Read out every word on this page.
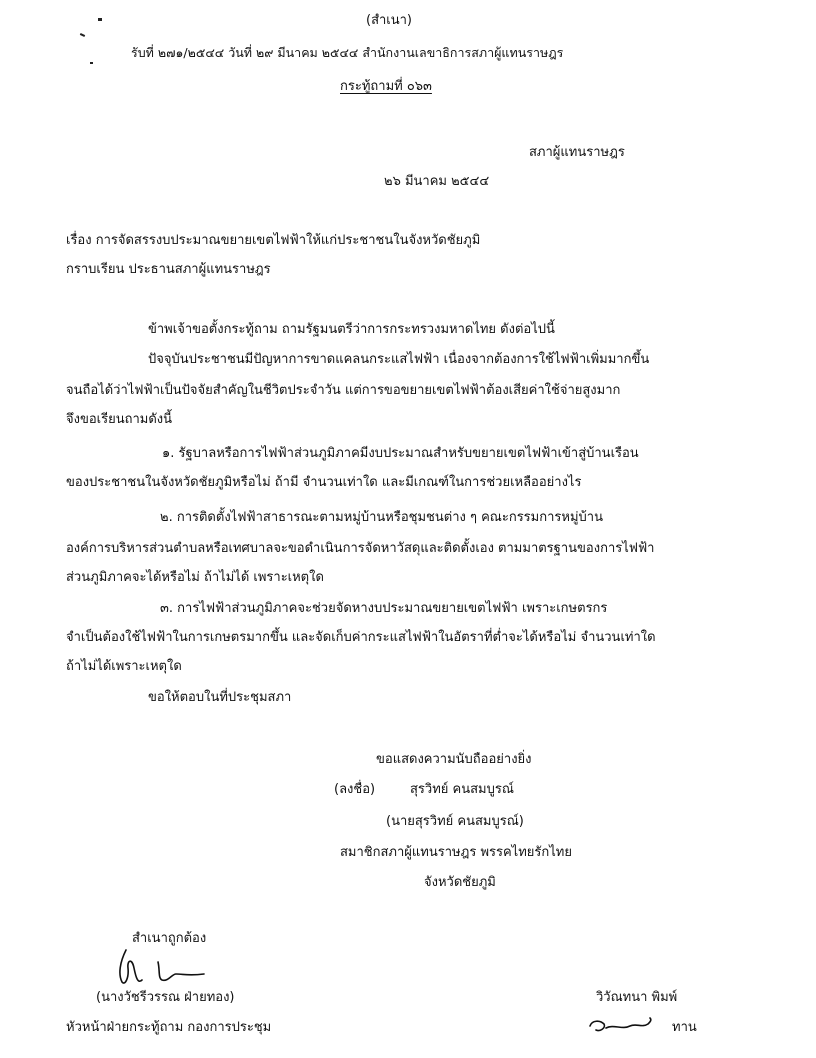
(สำเนา)
รับที่ ๒๗๑/๒๕๔๔ วันที่ ๒๙ มีนาคม ๒๕๔๔ สำนักงานเลขาธิการสภาผู้แทนราษฎร
กระทู้ถามที่ ๐๖๓
สภาผู้แทนราษฎร
๒๖ มีนาคม ๒๕๔๔
เรื่อง การจัดสรรงบประมาณขยายเขตไฟฟ้าให้แก่ประชาชนในจังหวัดชัยภูมิ
กราบเรียน ประธานสภาผู้แทนราษฎร
ข้าพเจ้าขอตั้งกระทู้ถาม ถามรัฐมนตรีว่าการกระทรวงมหาดไทย ดังต่อไปนี้
ปัจจุบันประชาชนมีปัญหาการขาดแคลนกระแสไฟฟ้า เนื่องจากต้องการใช้ไฟฟ้าเพิ่มมากขึ้น
จนถือได้ว่าไฟฟ้าเป็นปัจจัยสำคัญในชีวิตประจำวัน แต่การขอขยายเขตไฟฟ้าต้องเสียค่าใช้จ่ายสูงมาก
จึงขอเรียนถามดังนี้
๑. รัฐบาลหรือการไฟฟ้าส่วนภูมิภาคมีงบประมาณสำหรับขยายเขตไฟฟ้าเข้าสู่บ้านเรือน
ของประชาชนในจังหวัดชัยภูมิหรือไม่ ถ้ามี จำนวนเท่าใด และมีเกณฑ์ในการช่วยเหลืออย่างไร
๒. การติดตั้งไฟฟ้าสาธารณะตามหมู่บ้านหรือชุมชนต่าง ๆ คณะกรรมการหมู่บ้าน
องค์การบริหารส่วนตำบลหรือเทศบาลจะขอดำเนินการจัดหาวัสดุและติดตั้งเอง ตามมาตรฐานของการไฟฟ้า
ส่วนภูมิภาคจะได้หรือไม่ ถ้าไม่ได้ เพราะเหตุใด
๓. การไฟฟ้าส่วนภูมิภาคจะช่วยจัดหางบประมาณขยายเขตไฟฟ้า เพราะเกษตรกร
จำเป็นต้องใช้ไฟฟ้าในการเกษตรมากขึ้น และจัดเก็บค่ากระแสไฟฟ้าในอัตราที่ต่ำจะได้หรือไม่ จำนวนเท่าใด
ถ้าไม่ได้เพราะเหตุใด
ขอให้ตอบในที่ประชุมสภา
ขอแสดงความนับถืออย่างยิ่ง
(ลงชื่อ)	สุรวิทย์ คนสมบูรณ์
(นายสุรวิทย์ คนสมบูรณ์)
สมาชิกสภาผู้แทนราษฎร พรรคไทยรักไทย
จังหวัดชัยภูมิ
สำเนาถูกต้อง
(นางวัชรีวรรณ ฝ่ายทอง)
หัวหน้าฝ่ายกระทู้ถาม กองการประชุม
วิวัณทนา พิมพ์
ทาน
